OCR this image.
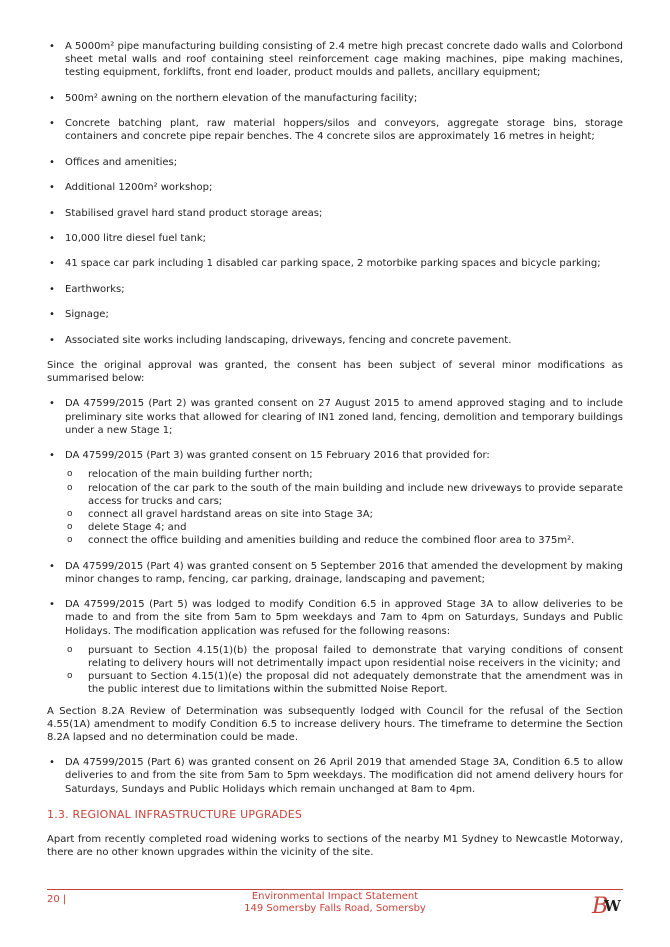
• A 5000m² pipe manufacturing building consisting of 2.4 metre high precast concrete dado walls and Colorbond sheet metal walls and roof containing steel reinforcement cage making machines, pipe making machines, testing equipment, forklifts, front end loader, product moulds and pallets, ancillary equipment;
• 500m² awning on the northern elevation of the manufacturing facility;
• Concrete batching plant, raw material hoppers/silos and conveyors, aggregate storage bins, storage containers and concrete pipe repair benches. The 4 concrete silos are approximately 16 metres in height;
• Offices and amenities;
• Additional 1200m² workshop;
• Stabilised gravel hard stand product storage areas;
• 10,000 litre diesel fuel tank;
• 41 space car park including 1 disabled car parking space, 2 motorbike parking spaces and bicycle parking;
• Earthworks;
• Signage;
• Associated site works including landscaping, driveways, fencing and concrete pavement.

Since the original approval was granted, the consent has been subject of several minor modifications as summarised below:

• DA 47599/2015 (Part 2) was granted consent on 27 August 2015 to amend approved staging and to include preliminary site works that allowed for clearing of IN1 zoned land, fencing, demolition and temporary buildings under a new Stage 1;
• DA 47599/2015 (Part 3) was granted consent on 15 February 2016 that provided for:
o relocation of the main building further north;
o relocation of the car park to the south of the main building and include new driveways to provide separate access for trucks and cars;
o connect all gravel hardstand areas on site into Stage 3A;
o delete Stage 4; and
o connect the office building and amenities building and reduce the combined floor area to 375m².
• DA 47599/2015 (Part 4) was granted consent on 5 September 2016 that amended the development by making minor changes to ramp, fencing, car parking, drainage, landscaping and pavement;
• DA 47599/2015 (Part 5) was lodged to modify Condition 6.5 in approved Stage 3A to allow deliveries to be made to and from the site from 5am to 5pm weekdays and 7am to 4pm on Saturdays, Sundays and Public Holidays. The modification application was refused for the following reasons:
o pursuant to Section 4.15(1)(b) the proposal failed to demonstrate that varying conditions of consent relating to delivery hours will not detrimentally impact upon residential noise receivers in the vicinity; and
o pursuant to Section 4.15(1)(e) the proposal did not adequately demonstrate that the amendment was in the public interest due to limitations within the submitted Noise Report.

A Section 8.2A Review of Determination was subsequently lodged with Council for the refusal of the Section 4.55(1A) amendment to modify Condition 6.5 to increase delivery hours. The timeframe to determine the Section 8.2A lapsed and no determination could be made.

• DA 47599/2015 (Part 6) was granted consent on 26 April 2019 that amended Stage 3A, Condition 6.5 to allow deliveries to and from the site from 5am to 5pm weekdays. The modification did not amend delivery hours for Saturdays, Sundays and Public Holidays which remain unchanged at 8am to 4pm.
1.3. REGIONAL INFRASTRUCTURE UPGRADES

Apart from recently completed road widening works to sections of the nearby M1 Sydney to Newcastle Motorway, there are no other known upgrades within the vicinity of the site.

20 |	Environmental Impact Statement
149 Somersby Falls Road, Somersby	B
W
